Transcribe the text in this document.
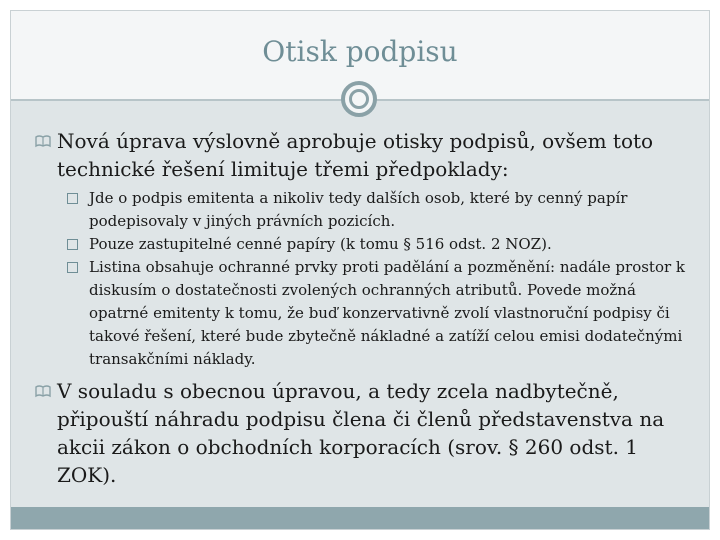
Otisk podpisu
Nová úprava výslovně aprobuje otisky podpisů, ovšem toto technické řešení limituje třemi předpoklady:
Jde o podpis emitenta a nikoliv tedy dalších osob, které by cenný papír podepisovaly v jiných právních pozicích.
Pouze zastupitelné cenné papíry (k tomu § 516 odst. 2 NOZ).
Listina obsahuje ochranné prvky proti padělání a pozměnění: nadále prostor k diskusím o dostatečnosti zvolených ochranných atributů. Povede možná opatrné emitenty k tomu, že buď konzervativně zvolí vlastnoruční podpisy či takové řešení, které bude zbytečně nákladné a zatíží celou emisi dodatečnými transakčními náklady.
V souladu s obecnou úpravou, a tedy zcela nadbytečně, připouští náhradu podpisu člena či členů představenstva na akcii zákon o obchodních korporacích (srov. § 260 odst. 1 ZOK).
